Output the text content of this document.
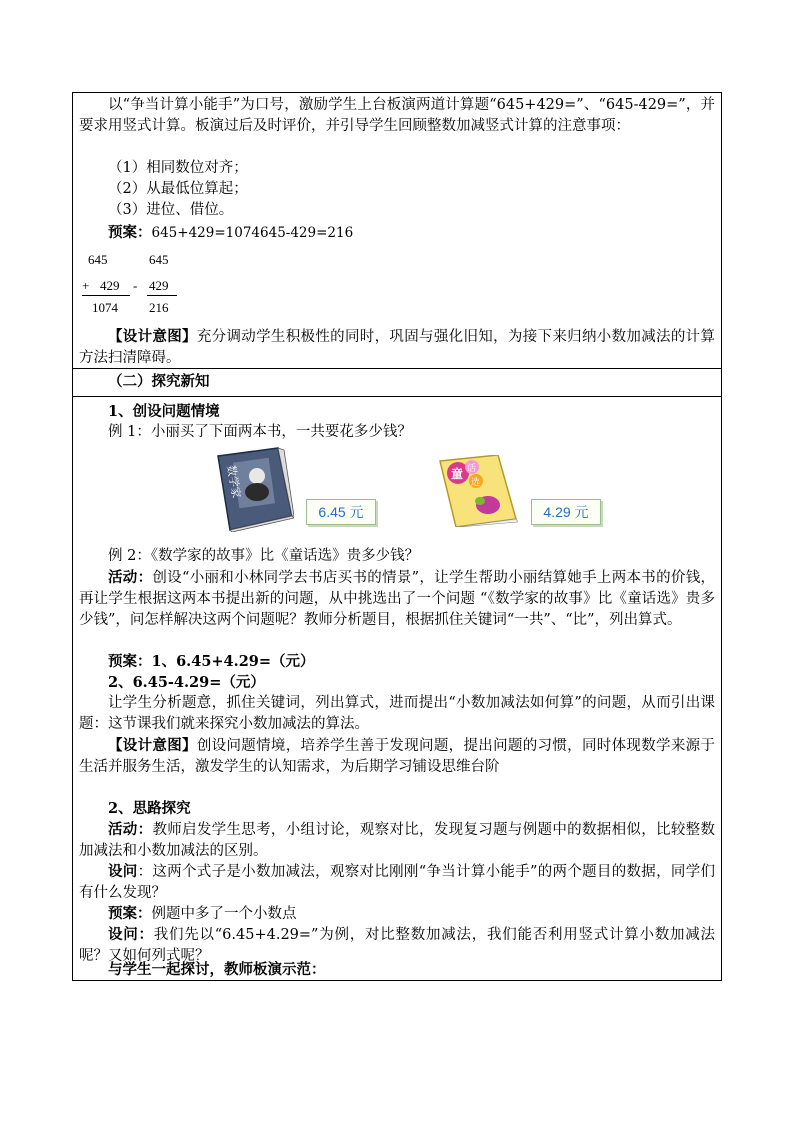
以“争当计算小能手”为口号，激励学生上台板演两道计算题“645+429=”、“645-429=”，并要求用竖式计算。板演过后及时评价，并引导学生回顾整数加减竖式计算的注意事项：
（1）相同数位对齐；
（2）从最低位算起；
（3）进位、借位。
预案：645+429=1074645-429=216
645
+ 429
1074
645
- 429
216
【设计意图】充分调动学生积极性的同时，巩固与强化旧知，为接下来归纳小数加减法的计算方法扫清障碍。
（二）探究新知
1、创设问题情境
例 1：小丽买了下面两本书，一共要花多少钱？
数学家
6.45 元
童 话
选
4.29 元
例 2：《数学家的故事》比《童话选》贵多少钱？
活动：创设“小丽和小林同学去书店买书的情景”，让学生帮助小丽结算她手上两本书的价钱，再让学生根据这两本书提出新的问题，从中挑选出了一个问题 “《数学家的故事》比《童话选》贵多少钱”，问怎样解决这两个问题呢？教师分析题目，根据抓住关键词“一共”、“比”，列出算式。
预案：1、6.45+4.29=（元）
2、6.45-4.29=（元）
让学生分析题意，抓住关键词，列出算式，进而提出“小数加减法如何算”的问题，从而引出课题：这节课我们就来探究小数加减法的算法。
【设计意图】创设问题情境，培养学生善于发现问题，提出问题的习惯，同时体现数学来源于生活并服务生活，激发学生的认知需求，为后期学习铺设思维台阶
2、思路探究
活动：教师启发学生思考，小组讨论，观察对比，发现复习题与例题中的数据相似，比较整数加减法和小数加减法的区别。
设问：这两个式子是小数加减法，观察对比刚刚“争当计算小能手”的两个题目的数据，同学们有什么发现？
预案：例题中多了一个小数点
设问：我们先以“6.45+4.29=”为例，对比整数加减法，我们能否利用竖式计算小数加减法呢？又如何列式呢？
与学生一起探讨，教师板演示范：
